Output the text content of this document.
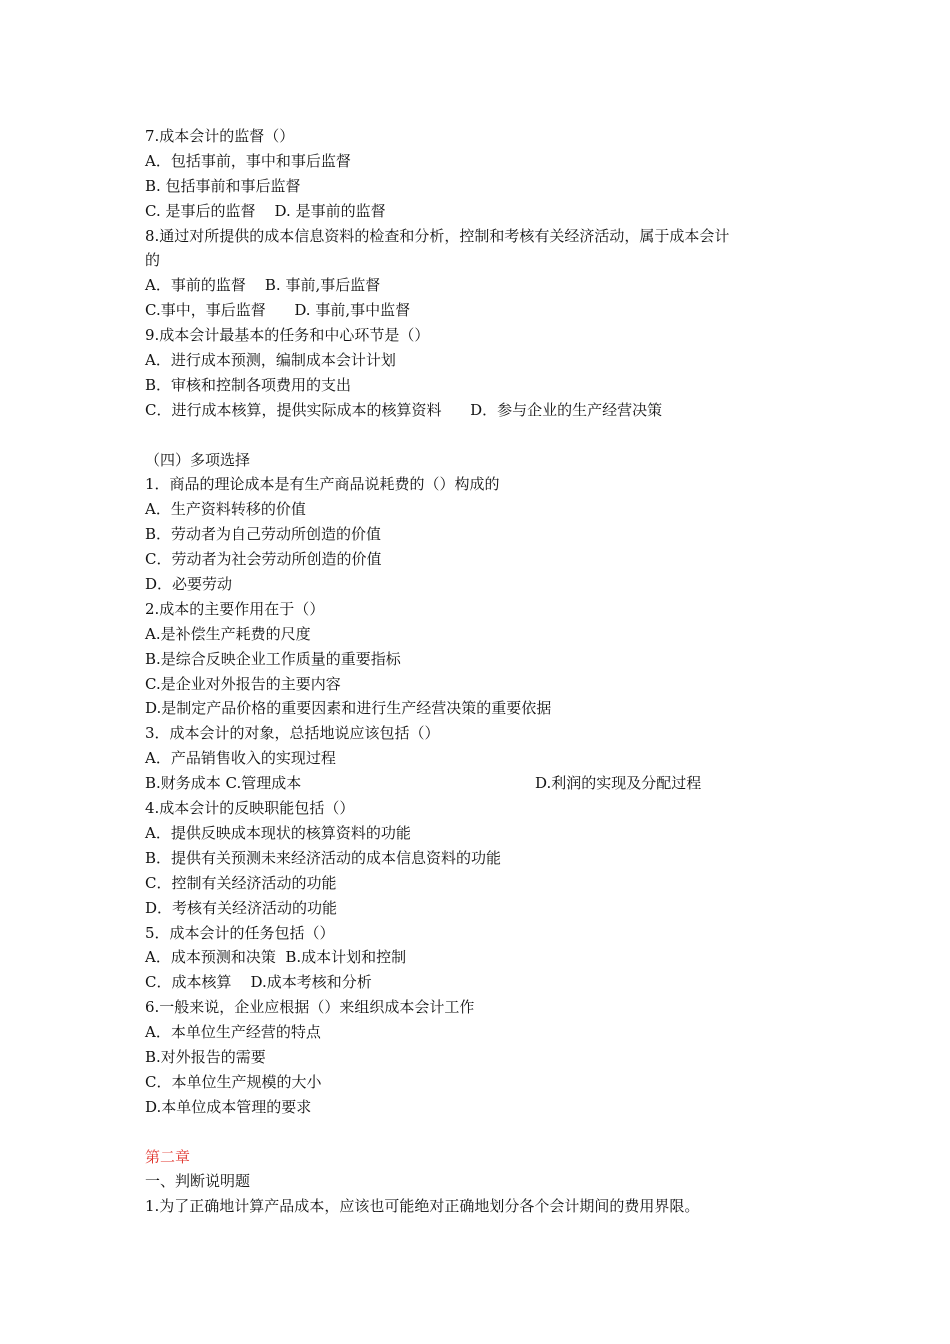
7.成本会计的监督（）
A．包括事前，事中和事后监督
B. 包括事前和事后监督
C. 是事后的监督    D. 是事前的监督
8.通过对所提供的成本信息资料的检查和分析，控制和考核有关经济活动，属于成本会计
的
A．事前的监督    B. 事前,事后监督
C.事中，事后监督      D. 事前,事中监督
9.成本会计最基本的任务和中心环节是（）
A．进行成本预测，编制成本会计计划
B．审核和控制各项费用的支出
C．进行成本核算，提供实际成本的核算资料      D．参与企业的生产经营决策
（四）多项选择
1．商品的理论成本是有生产商品说耗费的（）构成的
A．生产资料转移的价值
B．劳动者为自己劳动所创造的价值
C．劳动者为社会劳动所创造的价值
D．必要劳动
2.成本的主要作用在于（）
A.是补偿生产耗费的尺度
B.是综合反映企业工作质量的重要指标
C.是企业对外报告的主要内容
D.是制定产品价格的重要因素和进行生产经营决策的重要依据
3．成本会计的对象，总括地说应该包括（）
A．产品销售收入的实现过程
B.财务成本 C.管理成本	D.利润的实现及分配过程
4.成本会计的反映职能包括（）
A．提供反映成本现状的核算资料的功能
B．提供有关预测未来经济活动的成本信息资料的功能
C．控制有关经济活动的功能
D．考核有关经济活动的功能
5．成本会计的任务包括（）
A．成本预测和决策  B.成本计划和控制
C．成本核算    D.成本考核和分析
6.一般来说，企业应根据（）来组织成本会计工作
A．本单位生产经营的特点
B.对外报告的需要
C．本单位生产规模的大小
D.本单位成本管理的要求
第二章
一、判断说明题
1.为了正确地计算产品成本，应该也可能绝对正确地划分各个会计期间的费用界限。
